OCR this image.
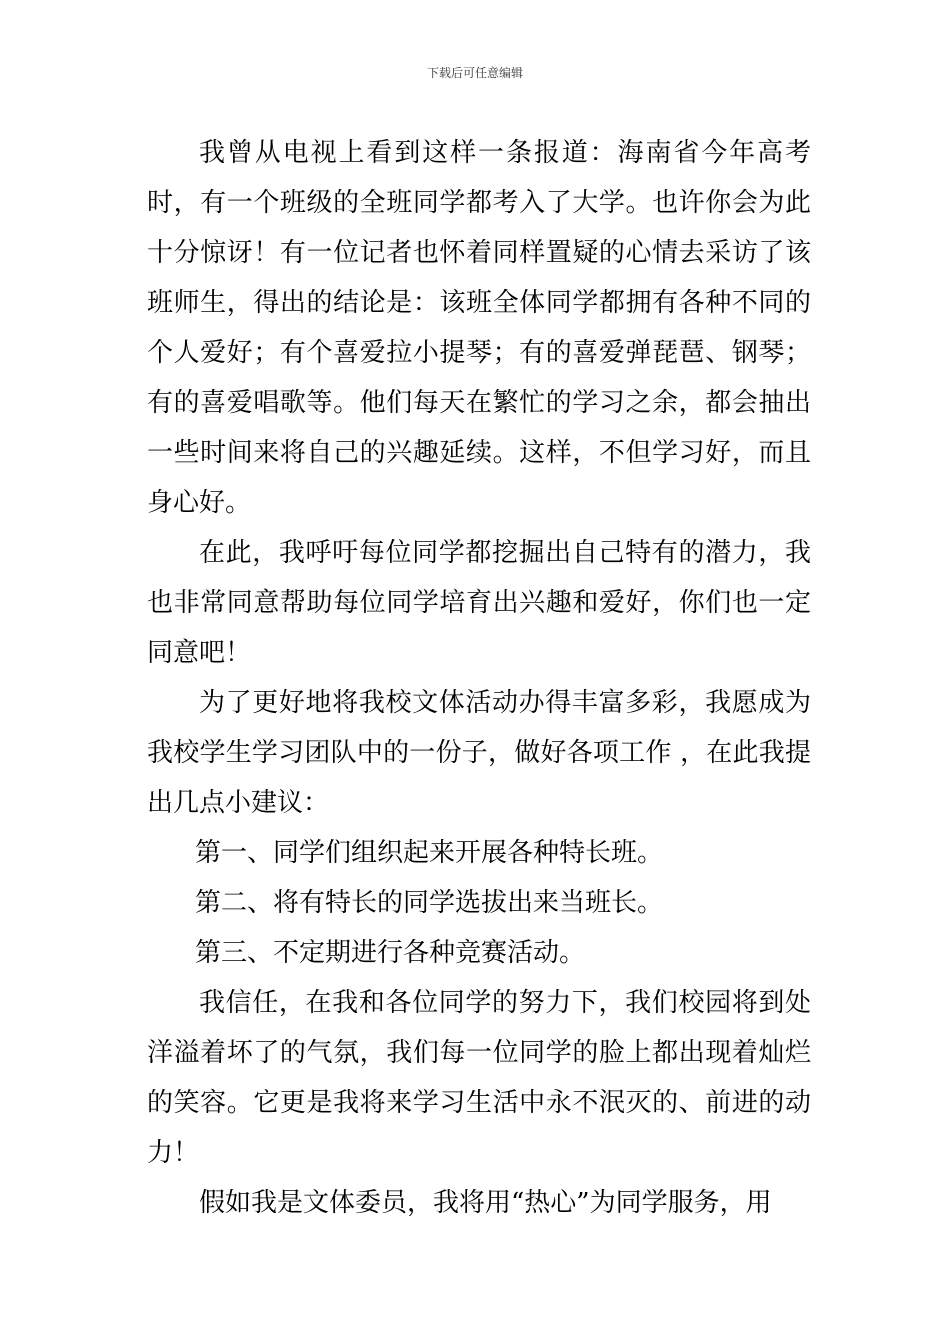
下载后可任意编辑

我曾从电视上看到这样一条报道：海南省今年高考时，有一个班级的全班同学都考入了大学。也许你会为此十分惊讶！有一位记者也怀着同样置疑的心情去采访了该班师生，得出的结论是：该班全体同学都拥有各种不同的个人爱好；有个喜爱拉小提琴；有的喜爱弹琵琶、钢琴；有的喜爱唱歌等。他们每天在繁忙的学习之余，都会抽出一些时间来将自己的兴趣延续。这样，不但学习好，而且身心好。

在此，我呼吁每位同学都挖掘出自己特有的潜力，我也非常同意帮助每位同学培育出兴趣和爱好，你们也一定同意吧！

为了更好地将我校文体活动办得丰富多彩，我愿成为我校学生学习团队中的一份子，做好各项工作 ，在此我提出几点小建议：

第一、同学们组织起来开展各种特长班。

第二、将有特长的同学选拔出来当班长。

第三、不定期进行各种竞赛活动。

我信任，在我和各位同学的努力下，我们校园将到处洋溢着坏了的气氛，我们每一位同学的脸上都出现着灿烂的笑容。它更是我将来学习生活中永不泯灭的、前进的动力！

假如我是文体委员，我将用“热心”为同学服务，用
